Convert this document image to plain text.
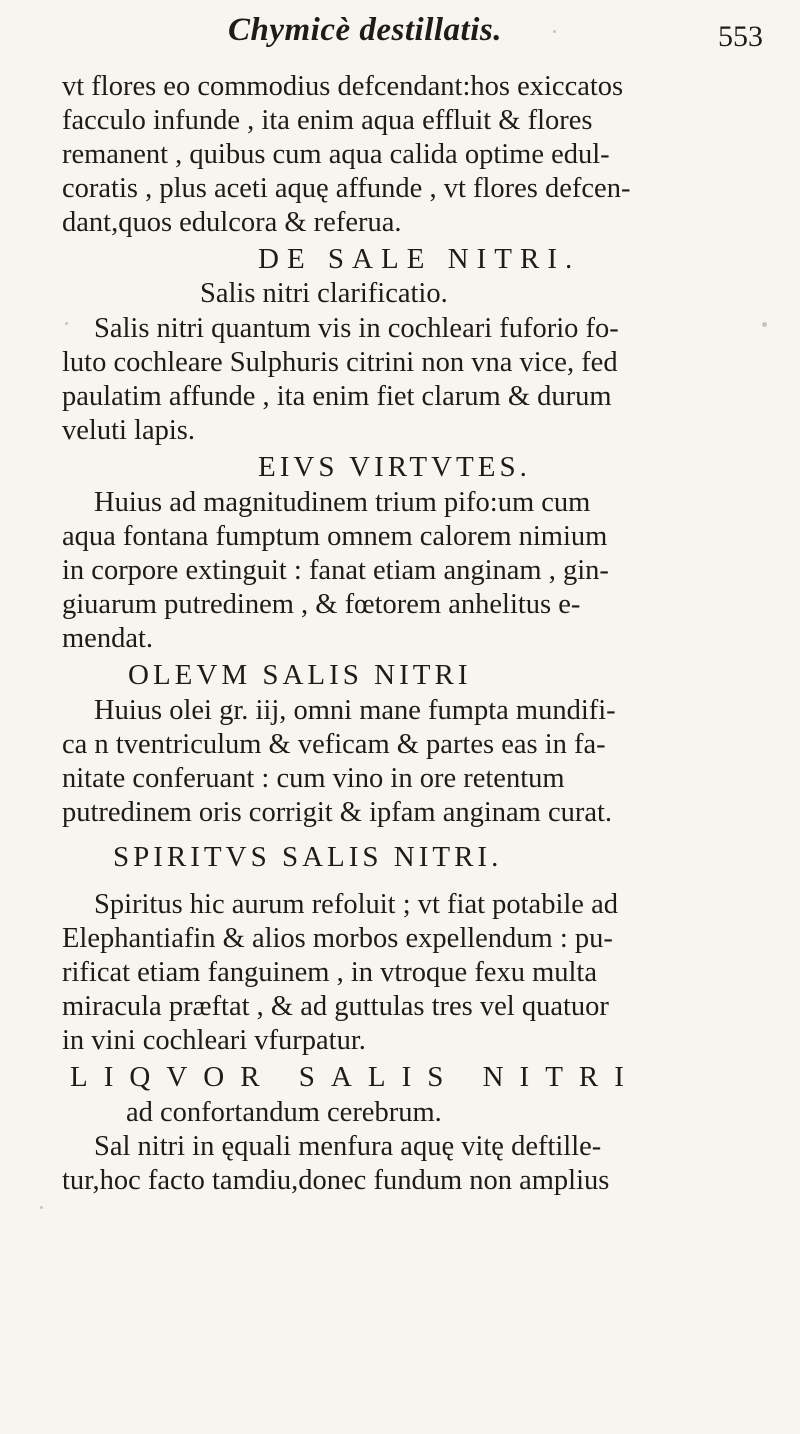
Chymicè destillatis.	553
vt flores eo commodius defcendant:hos exiccatos
facculo infunde , ita enim aqua effluit & flores
remanent , quibus cum aqua calida optime edul-
coratis , plus aceti aquę affunde , vt flores defcen-
dant,quos edulcora & referua.
DE SALE NITRI.
Salis nitri clarificatio.
Salis nitri quantum vis in cochleari fuforio fo-
luto cochleare Sulphuris citrini non vna vice, fed
paulatim affunde , ita enim fiet clarum & durum
veluti lapis.
EIVS VIRTVTES.
Huius ad magnitudinem trium pifo:um cum
aqua fontana fumptum omnem calorem nimium
in corpore extinguit : fanat etiam anginam , gin-
giuarum putredinem , & fœtorem anhelitus e-
mendat.
OLEVM SALIS NITRI
Huius olei gr. iij, omni mane fumpta mundifi-
ca n tventriculum & veficam & partes eas in fa-
nitate conferuant : cum vino in ore retentum
putredinem oris corrigit & ipfam anginam curat.
SPIRITVS SALIS NITRI.
Spiritus hic aurum refoluit ; vt fiat potabile ad
Elephantiafin & alios morbos expellendum : pu-
rificat etiam fanguinem , in vtroque fexu multa
miracula præftat , & ad guttulas tres vel quatuor
in vini cochleari vfurpatur.
LIQVOR SALIS NITRI
ad confortandum cerebrum.
Sal nitri in ęquali menfura aquę vitę deftille-
tur,hoc facto tamdiu,donec fundum non amplius
